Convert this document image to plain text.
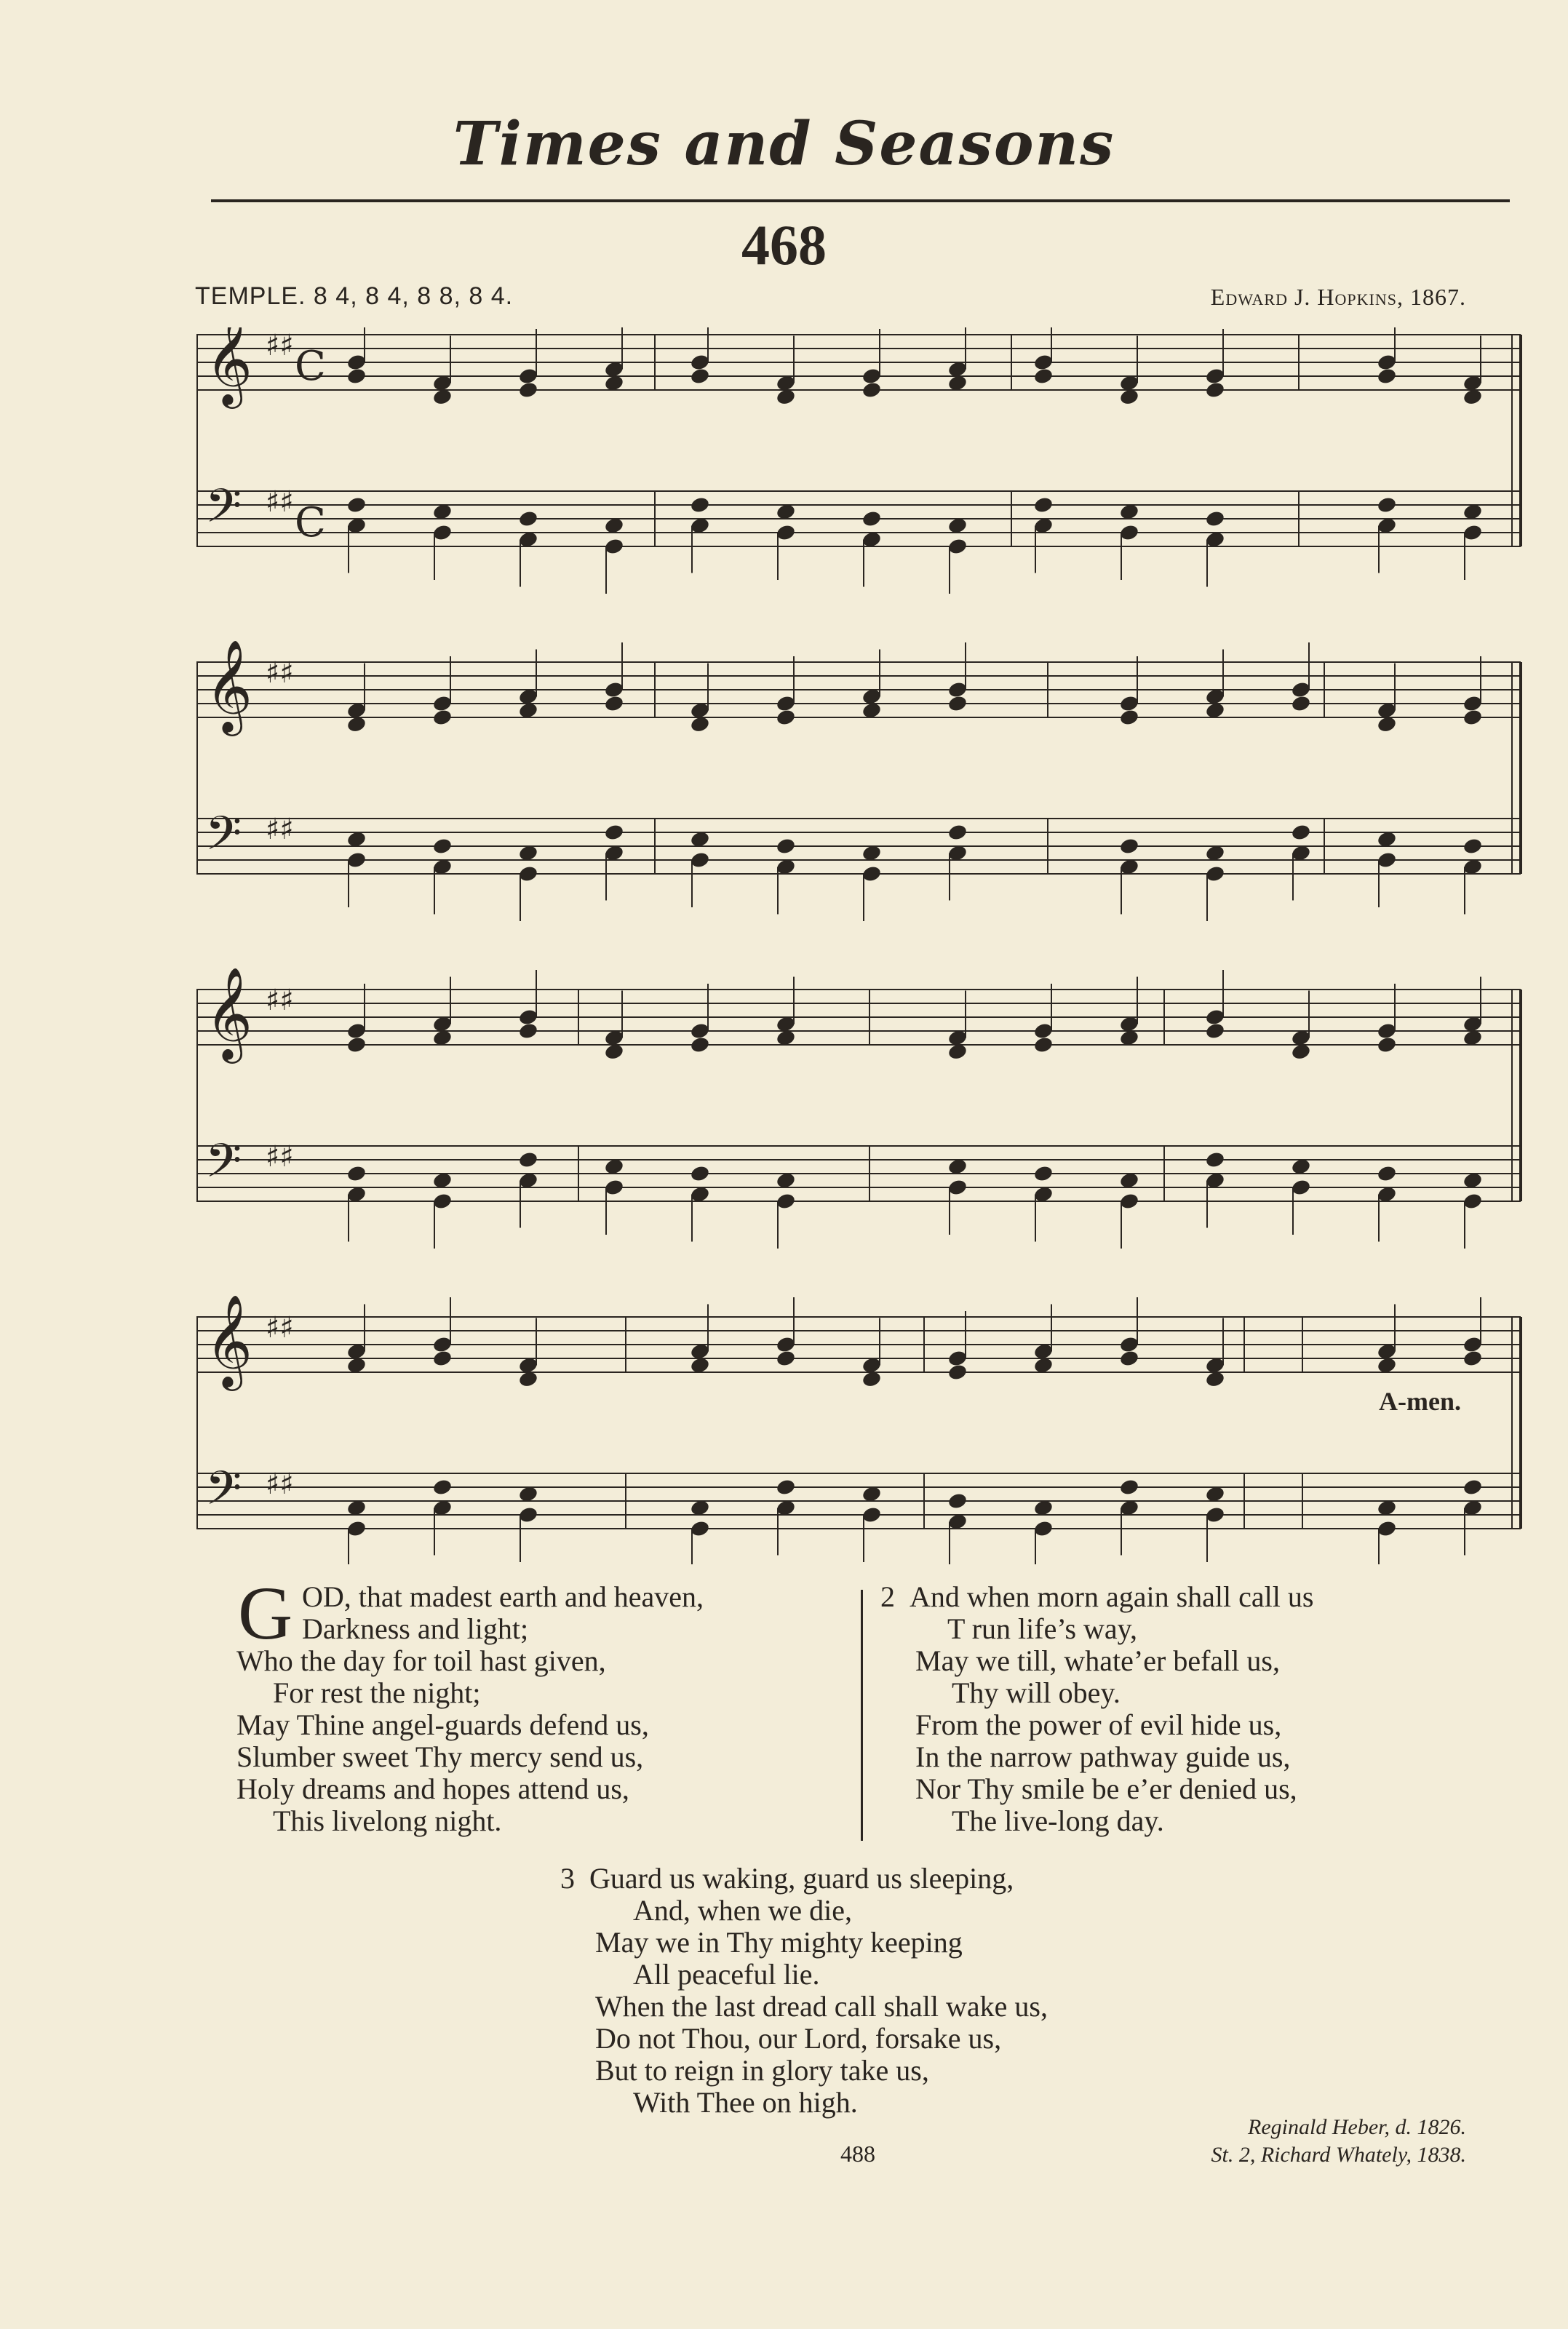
Times and Seasons
468
TEMPLE. 8 4, 8 4, 8 8, 8 4.	Edward J. Hopkins, 1867.
𝄞 ♯♯ C
𝄢 ♯♯ C
𝄞 ♯♯
𝄢 ♯♯
𝄞 ♯♯
𝄢 ♯♯
𝄞 ♯♯
𝄢 ♯♯
A-men.
G OD, that madest earth and heaven,
Darkness and light;
Who the day for toil hast given,
For rest the night;
May Thine angel-guards defend us,
Slumber sweet Thy mercy send us,
Holy dreams and hopes attend us,
This livelong night.
2 And when morn again shall call us
T run life’s way,
May we till, whate’er befall us,
Thy will obey.
From the power of evil hide us,
In the narrow pathway guide us,
Nor Thy smile be e’er denied us,
The live-long day.
3 Guard us waking, guard us sleeping,
And, when we die,
May we in Thy mighty keeping
All peaceful lie.
When the last dread call shall wake us,
Do not Thou, our Lord, forsake us,
But to reign in glory take us,
With Thee on high.
Reginald Heber, d. 1826.
St. 2, Richard Whately, 1838.
488
